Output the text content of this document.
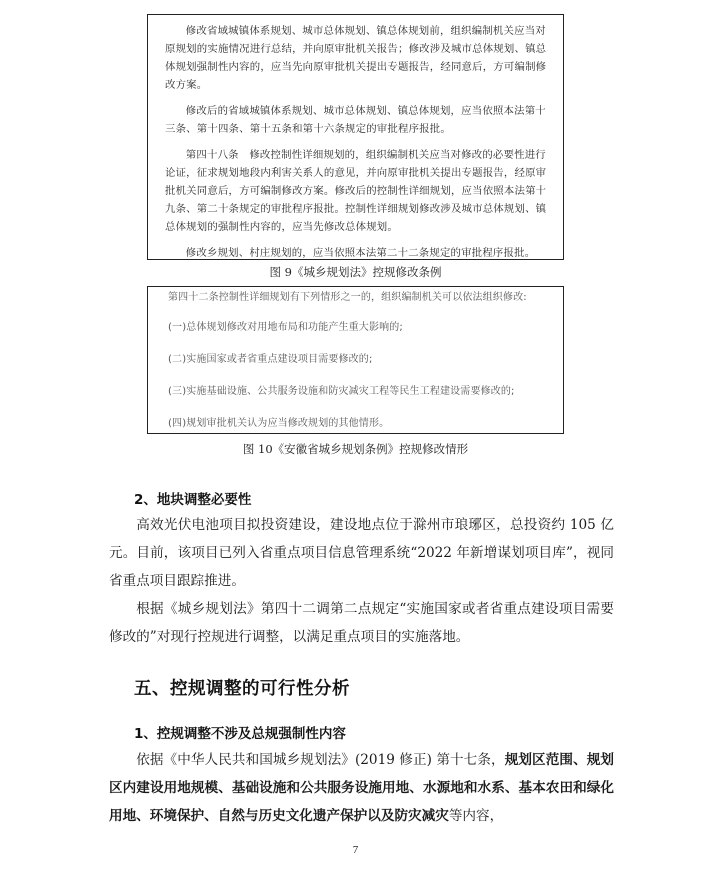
修改省域城镇体系规划、城市总体规划、镇总体规划前，组织编制机关应当对原规划的实施情况进行总结，并向原审批机关报告；修改涉及城市总体规划、镇总体规划强制性内容的，应当先向原审批机关提出专题报告，经同意后，方可编制修改方案。

修改后的省域城镇体系规划、城市总体规划、镇总体规划，应当依照本法第十三条、第十四条、第十五条和第十六条规定的审批程序报批。

第四十八条　修改控制性详细规划的，组织编制机关应当对修改的必要性进行论证，征求规划地段内利害关系人的意见，并向原审批机关提出专题报告，经原审批机关同意后，方可编制修改方案。修改后的控制性详细规划，应当依照本法第十九条、第二十条规定的审批程序报批。控制性详细规划修改涉及城市总体规划、镇总体规划的强制性内容的，应当先修改总体规划。

修改乡规划、村庄规划的，应当依照本法第二十二条规定的审批程序报批。

图 9《城乡规划法》控规修改条例

第四十二条控制性详细规划有下列情形之一的，组织编制机关可以依法组织修改:

(一)总体规划修改对用地布局和功能产生重大影响的;

(二)实施国家或者省重点建设项目需要修改的;

(三)实施基础设施、公共服务设施和防灾减灾工程等民生工程建设需要修改的;

(四)规划审批机关认为应当修改规划的其他情形。

图 10《安徽省城乡规划条例》控规修改情形
2、地块调整必要性

高效光伏电池项目拟投资建设，建设地点位于滁州市琅琊区，总投资约 105 亿元。目前，该项目已列入省重点项目信息管理系统“2022 年新增谋划项目库”，视同省重点项目跟踪推进。

根据《城乡规划法》第四十二调第二点规定“实施国家或者省重点建设项目需要修改的”对现行控规进行调整，以满足重点项目的实施落地。

五、控规调整的可行性分析
1、控规调整不涉及总规强制性内容

依据《中华人民共和国城乡规划法》(2019 修正) 第十七条，规划区范围、规划区内建设用地规模、基础设施和公共服务设施用地、水源地和水系、基本农田和绿化用地、环境保护、自然与历史文化遗产保护以及防灾减灾等内容，

7
